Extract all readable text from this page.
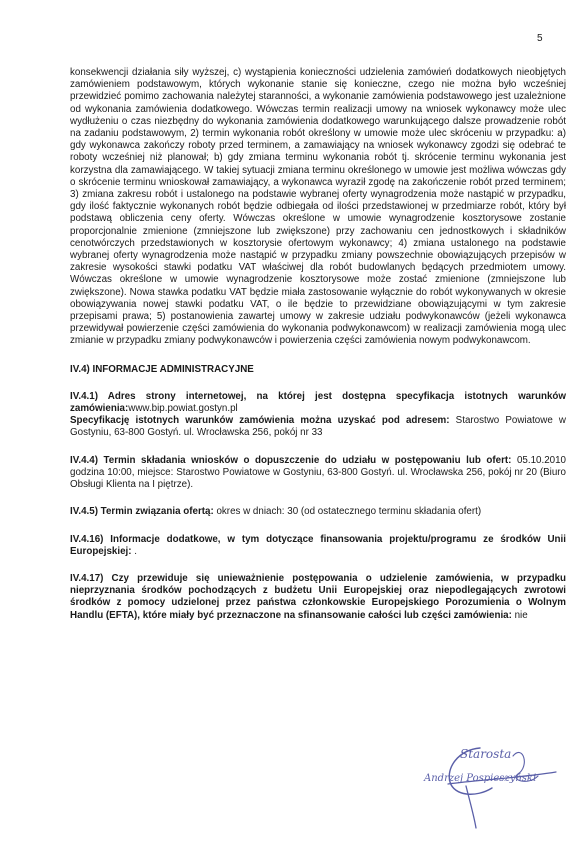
5

konsekwencji działania siły wyższej, c) wystąpienia konieczności udzielenia zamówień dodatkowych nieobjętych zamówieniem podstawowym, których wykonanie stanie się konieczne, czego nie można było wcześniej przewidzieć pomimo zachowania należytej staranności, a wykonanie zamówienia podstawowego jest uzależnione od wykonania zamówienia dodatkowego. Wówczas termin realizacji umowy na wniosek wykonawcy może ulec wydłużeniu o czas niezbędny do wykonania zamówienia dodatkowego warunkującego dalsze prowadzenie robót na zadaniu podstawowym, 2) termin wykonania robót określony w umowie może ulec skróceniu w przypadku: a) gdy wykonawca zakończy roboty przed terminem, a zamawiający na wniosek wykonawcy zgodzi się odebrać te roboty wcześniej niż planował; b) gdy zmiana terminu wykonania robót tj. skrócenie terminu wykonania jest korzystna dla zamawiającego. W takiej sytuacji zmiana terminu określonego w umowie jest możliwa wówczas gdy o skrócenie terminu wnioskował zamawiający, a wykonawca wyraził zgodę na zakończenie robót przed terminem; 3) zmiana zakresu robót i ustalonego na podstawie wybranej oferty wynagrodzenia może nastąpić w przypadku, gdy ilość faktycznie wykonanych robót będzie odbiegała od ilości przedstawionej w przedmiarze robót, który był podstawą obliczenia ceny oferty. Wówczas określone w umowie wynagrodzenie kosztorysowe zostanie proporcjonalnie zmienione (zmniejszone lub zwiększone) przy zachowaniu cen jednostkowych i składników cenotwórczych przedstawionych w kosztorysie ofertowym wykonawcy; 4) zmiana ustalonego na podstawie wybranej oferty wynagrodzenia może nastąpić w przypadku zmiany powszechnie obowiązujących przepisów w zakresie wysokości stawki podatku VAT właściwej dla robót budowlanych będących przedmiotem umowy. Wówczas określone w umowie wynagrodzenie kosztorysowe może zostać zmienione (zmniejszone lub zwiększone). Nowa stawka podatku VAT będzie miała zastosowanie wyłącznie do robót wykonywanych w okresie obowiązywania nowej stawki podatku VAT, o ile będzie to przewidziane obowiązującymi w tym zakresie przepisami prawa; 5) postanowienia zawartej umowy w zakresie udziału podwykonawców (jeżeli wykonawca przewidywał powierzenie części zamówienia do wykonania podwykonawcom) w realizacji zamówienia mogą ulec zmianie w przypadku zmiany podwykonawców i powierzenia części zamówienia nowym podwykonawcom.

IV.4) INFORMACJE ADMINISTRACYJNE

IV.4.1) Adres strony internetowej, na której jest dostępna specyfikacja istotnych warunków zamówienia:www.bip.powiat.gostyn.pl

Specyfikację istotnych warunków zamówienia można uzyskać pod adresem: Starostwo Powiatowe w Gostyniu, 63-800 Gostyń. ul. Wrocławska 256, pokój nr 33

IV.4.4) Termin składania wniosków o dopuszczenie do udziału w postępowaniu lub ofert: 05.10.2010 godzina 10:00, miejsce: Starostwo Powiatowe w Gostyniu, 63-800 Gostyń. ul. Wrocławska 256, pokój nr 20 (Biuro Obsługi Klienta na I piętrze).

IV.4.5) Termin związania ofertą: okres w dniach: 30 (od ostatecznego terminu składania ofert)

IV.4.16) Informacje dodatkowe, w tym dotyczące finansowania projektu/programu ze środków Unii Europejskiej: .

IV.4.17) Czy przewiduje się unieważnienie postępowania o udzielenie zamówienia, w przypadku nieprzyznania środków pochodzących z budżetu Unii Europejskiej oraz niepodlegających zwrotowi środków z pomocy udzielonej przez państwa członkowskie Europejskiego Porozumienia o Wolnym Handlu (EFTA), które miały być przeznaczone na sfinansowanie całości lub części zamówienia: nie

Starosta
Andrzej Pospieszyński
